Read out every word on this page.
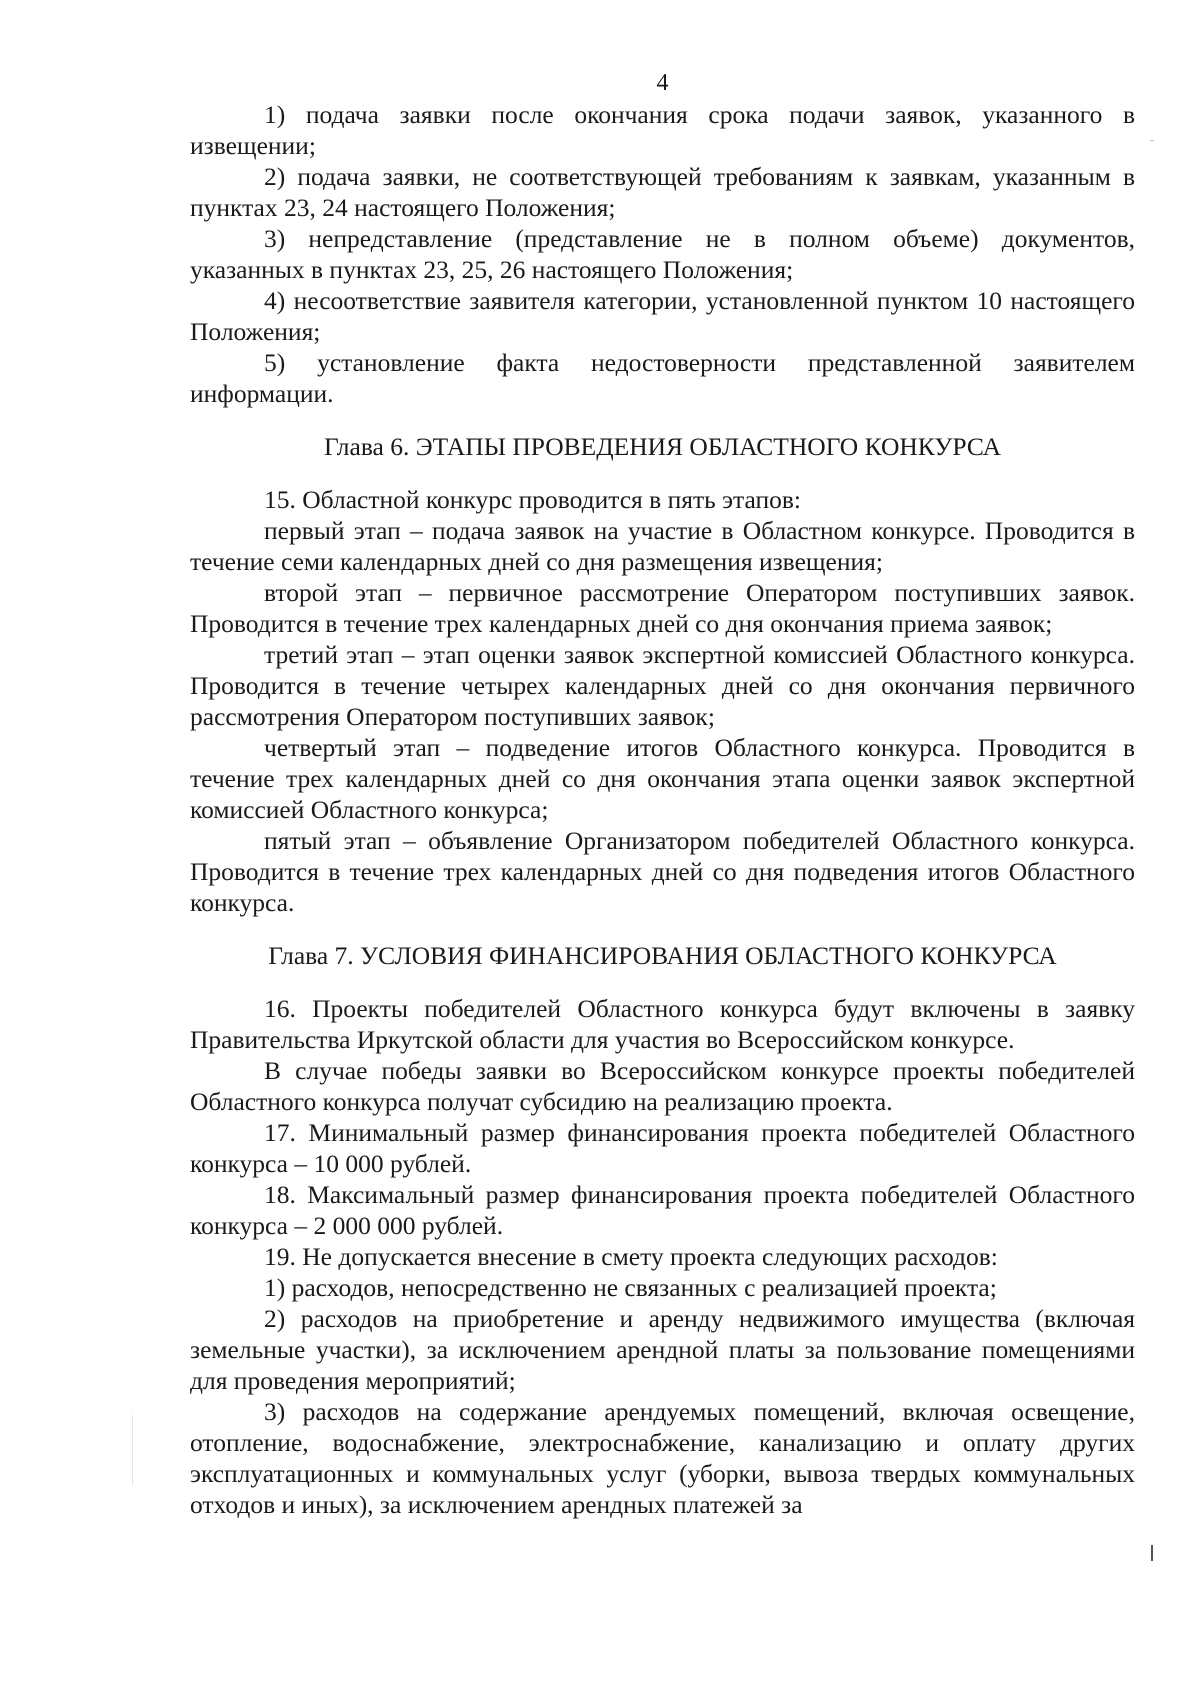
4

1) подача заявки после окончания срока подачи заявок, указанного в извещении;

2) подача заявки, не соответствующей требованиям к заявкам, указанным в пунктах 23, 24 настоящего Положения;

3) непредставление (представление не в полном объеме) документов, указанных в пунктах 23, 25, 26 настоящего Положения;

4) несоответствие заявителя категории, установленной пунктом 10 настоящего Положения;

5) установление факта недостоверности представленной заявителем информации.

Глава 6. ЭТАПЫ ПРОВЕДЕНИЯ ОБЛАСТНОГО КОНКУРСА

15. Областной конкурс проводится в пять этапов:

первый этап – подача заявок на участие в Областном конкурсе. Проводится в течение семи календарных дней со дня размещения извещения;

второй этап – первичное рассмотрение Оператором поступивших заявок. Проводится в течение трех календарных дней со дня окончания приема заявок;

третий этап – этап оценки заявок экспертной комиссией Областного конкурса. Проводится в течение четырех календарных дней со дня окончания первичного рассмотрения Оператором поступивших заявок;

четвертый этап – подведение итогов Областного конкурса. Проводится в течение трех календарных дней со дня окончания этапа оценки заявок экспертной комиссией Областного конкурса;

пятый этап – объявление Организатором победителей Областного конкурса. Проводится в течение трех календарных дней со дня подведения итогов Областного конкурса.

Глава 7. УСЛОВИЯ ФИНАНСИРОВАНИЯ ОБЛАСТНОГО КОНКУРСА

16. Проекты победителей Областного конкурса будут включены в заявку Правительства Иркутской области для участия во Всероссийском конкурсе.

В случае победы заявки во Всероссийском конкурсе проекты победителей Областного конкурса получат субсидию на реализацию проекта.

17. Минимальный размер финансирования проекта победителей Областного конкурса – 10 000 рублей.

18. Максимальный размер финансирования проекта победителей Областного конкурса – 2 000 000 рублей.

19. Не допускается внесение в смету проекта следующих расходов:

1) расходов, непосредственно не связанных с реализацией проекта;

2) расходов на приобретение и аренду недвижимого имущества (включая земельные участки), за исключением арендной платы за пользование помещениями для проведения мероприятий;

3) расходов на содержание арендуемых помещений, включая освещение, отопление, водоснабжение, электроснабжение, канализацию и оплату других эксплуатационных и коммунальных услуг (уборки, вывоза твердых коммунальных отходов и иных), за исключением арендных платежей за
